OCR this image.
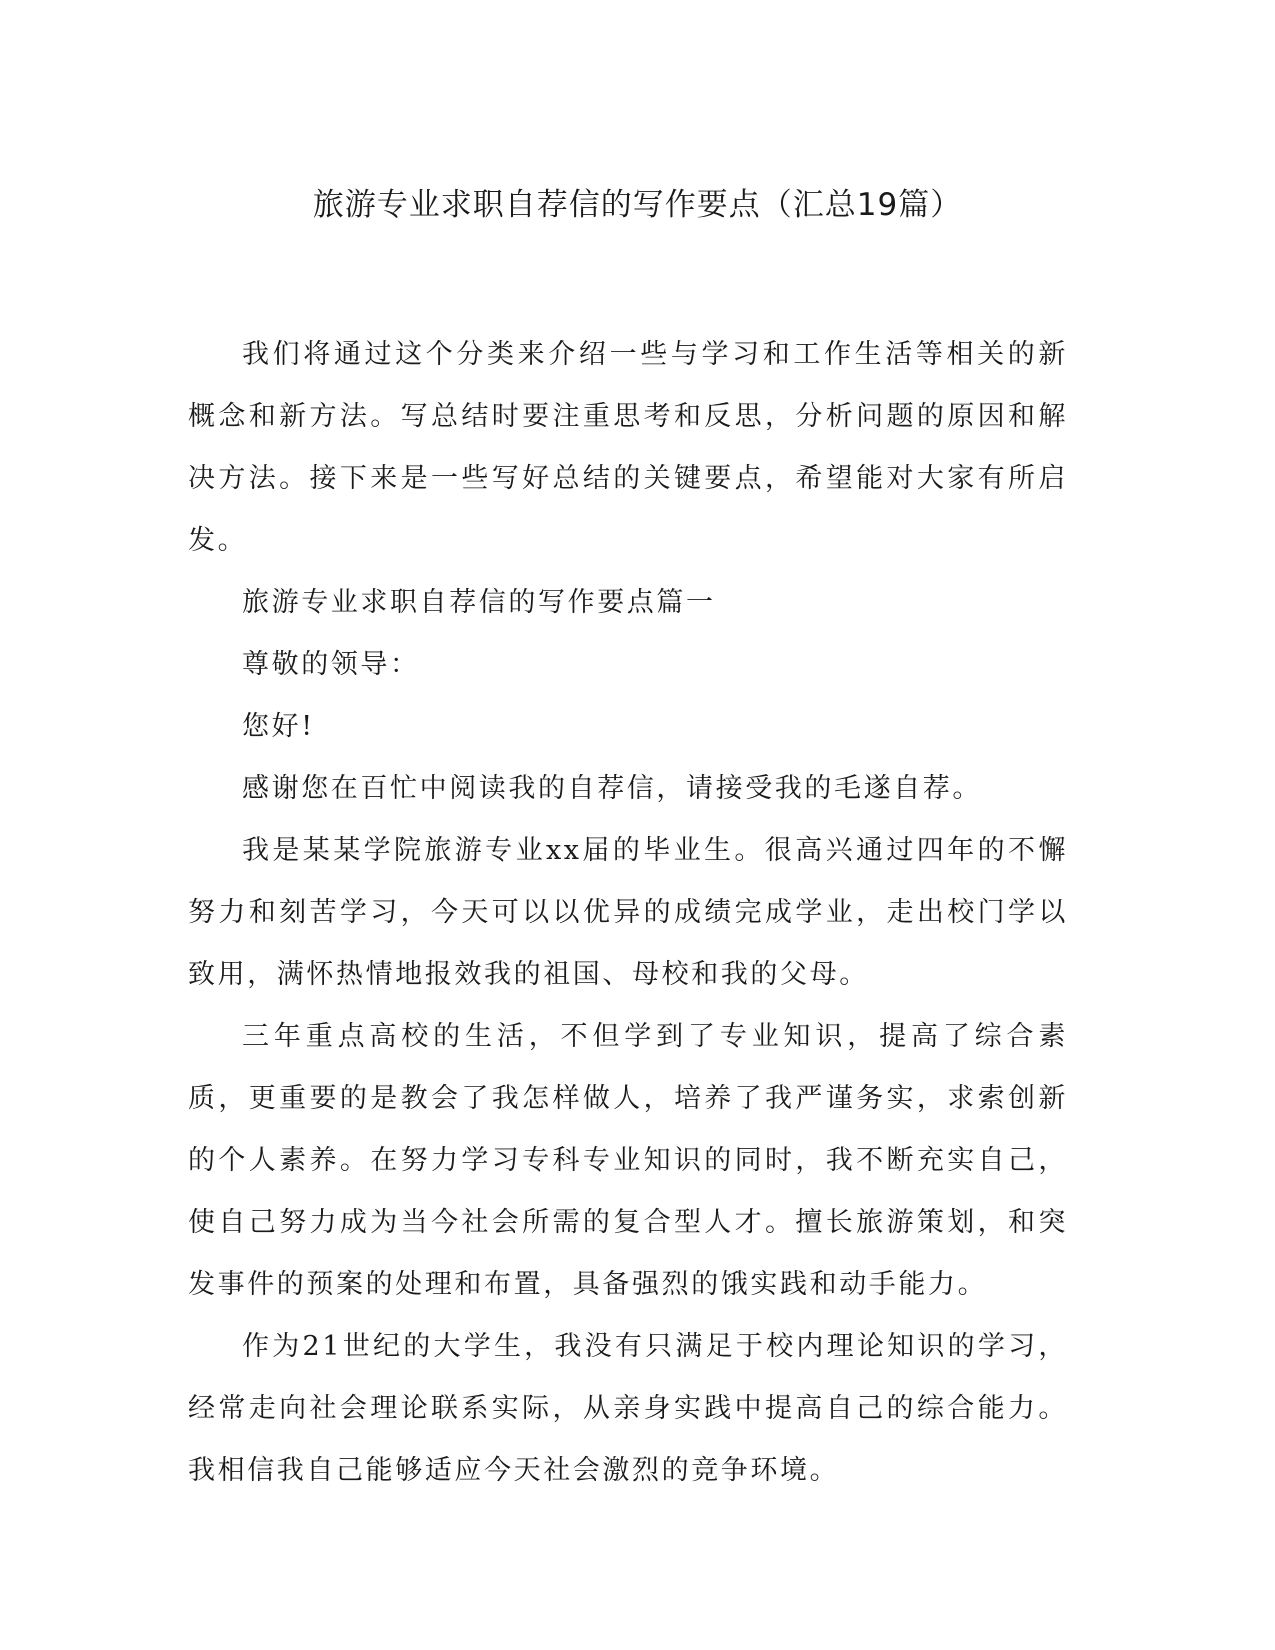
旅游专业求职自荐信的写作要点（汇总19篇）

我们将通过这个分类来介绍一些与学习和工作生活等相关的新概念和新方法。写总结时要注重思考和反思，分析问题的原因和解决方法。接下来是一些写好总结的关键要点，希望能对大家有所启发。

旅游专业求职自荐信的写作要点篇一

尊敬的领导：

您好!

感谢您在百忙中阅读我的自荐信，请接受我的毛遂自荐。

我是某某学院旅游专业xx届的毕业生。很高兴通过四年的不懈努力和刻苦学习，今天可以以优异的成绩完成学业，走出校门学以致用，满怀热情地报效我的祖国、母校和我的父母。

三年重点高校的生活，不但学到了专业知识，提高了综合素质，更重要的是教会了我怎样做人，培养了我严谨务实，求索创新的个人素养。在努力学习专科专业知识的同时，我不断充实自己，使自己努力成为当今社会所需的复合型人才。擅长旅游策划，和突发事件的预案的处理和布置，具备强烈的饿实践和动手能力。

作为21世纪的大学生，我没有只满足于校内理论知识的学习，经常走向社会理论联系实际，从亲身实践中提高自己的综合能力。我相信我自己能够适应今天社会激烈的竞争环境。
